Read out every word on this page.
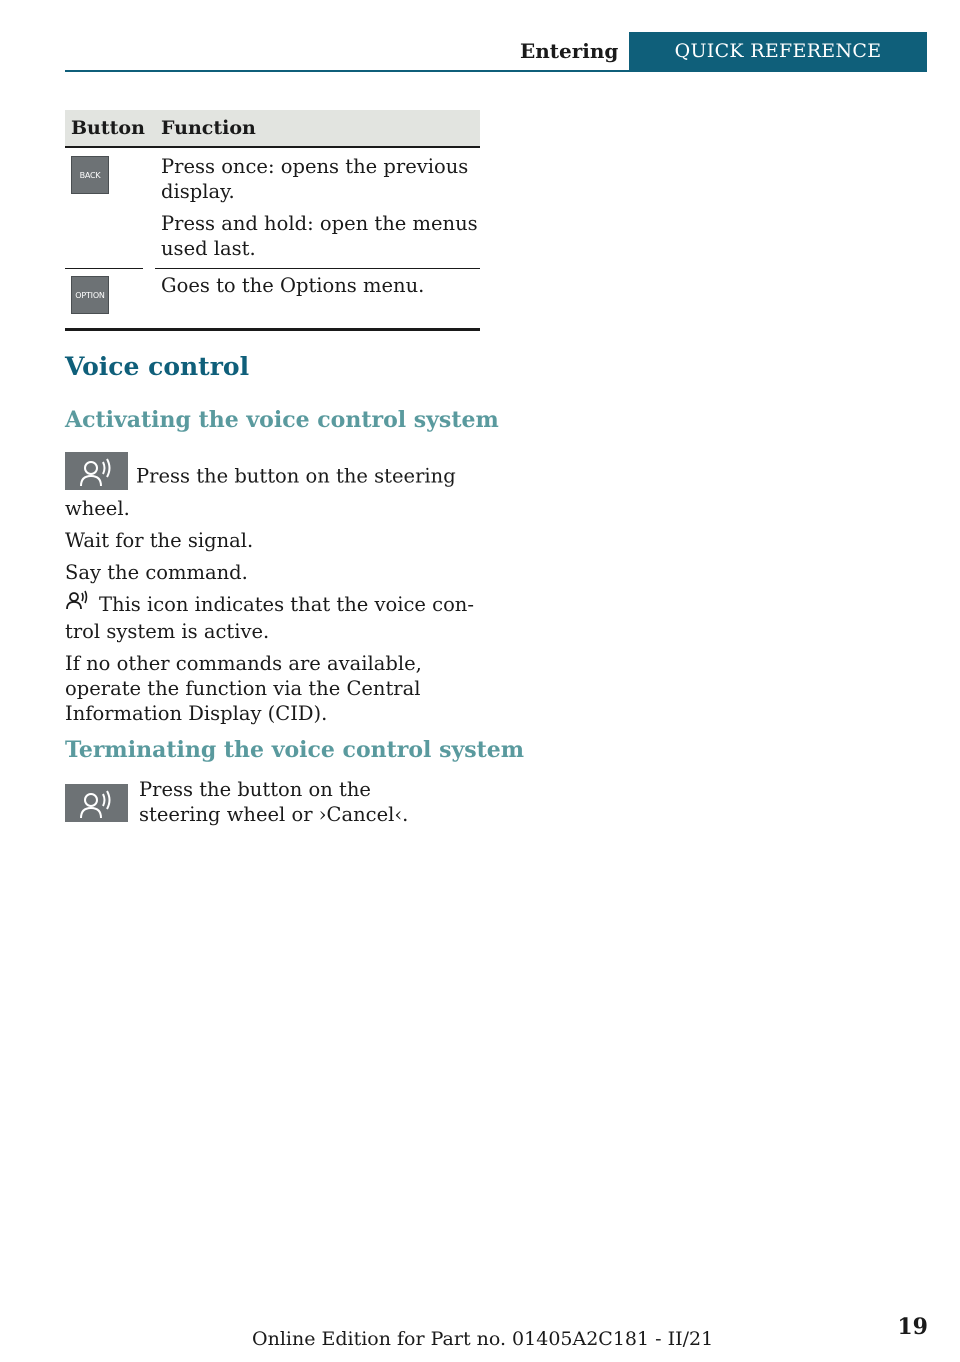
Entering	QUICK REFERENCE
Button Function
BACK	Press once: opens the previous display.

Press and hold: open the menus used last.

OPTION	Goes to the Options menu.

Voice control
Activating the voice control system

Press the button on the steering wheel.

Wait for the signal.

Say the command.

This icon indicates that the voice con‐ trol system is active.

If no other commands are available, operate the function via the Central Information Display (CID).

Terminating the voice control system
Press the button on the steering wheel or ›Cancel‹.
Online Edition for Part no. 01405A2C181 - II/21	19
